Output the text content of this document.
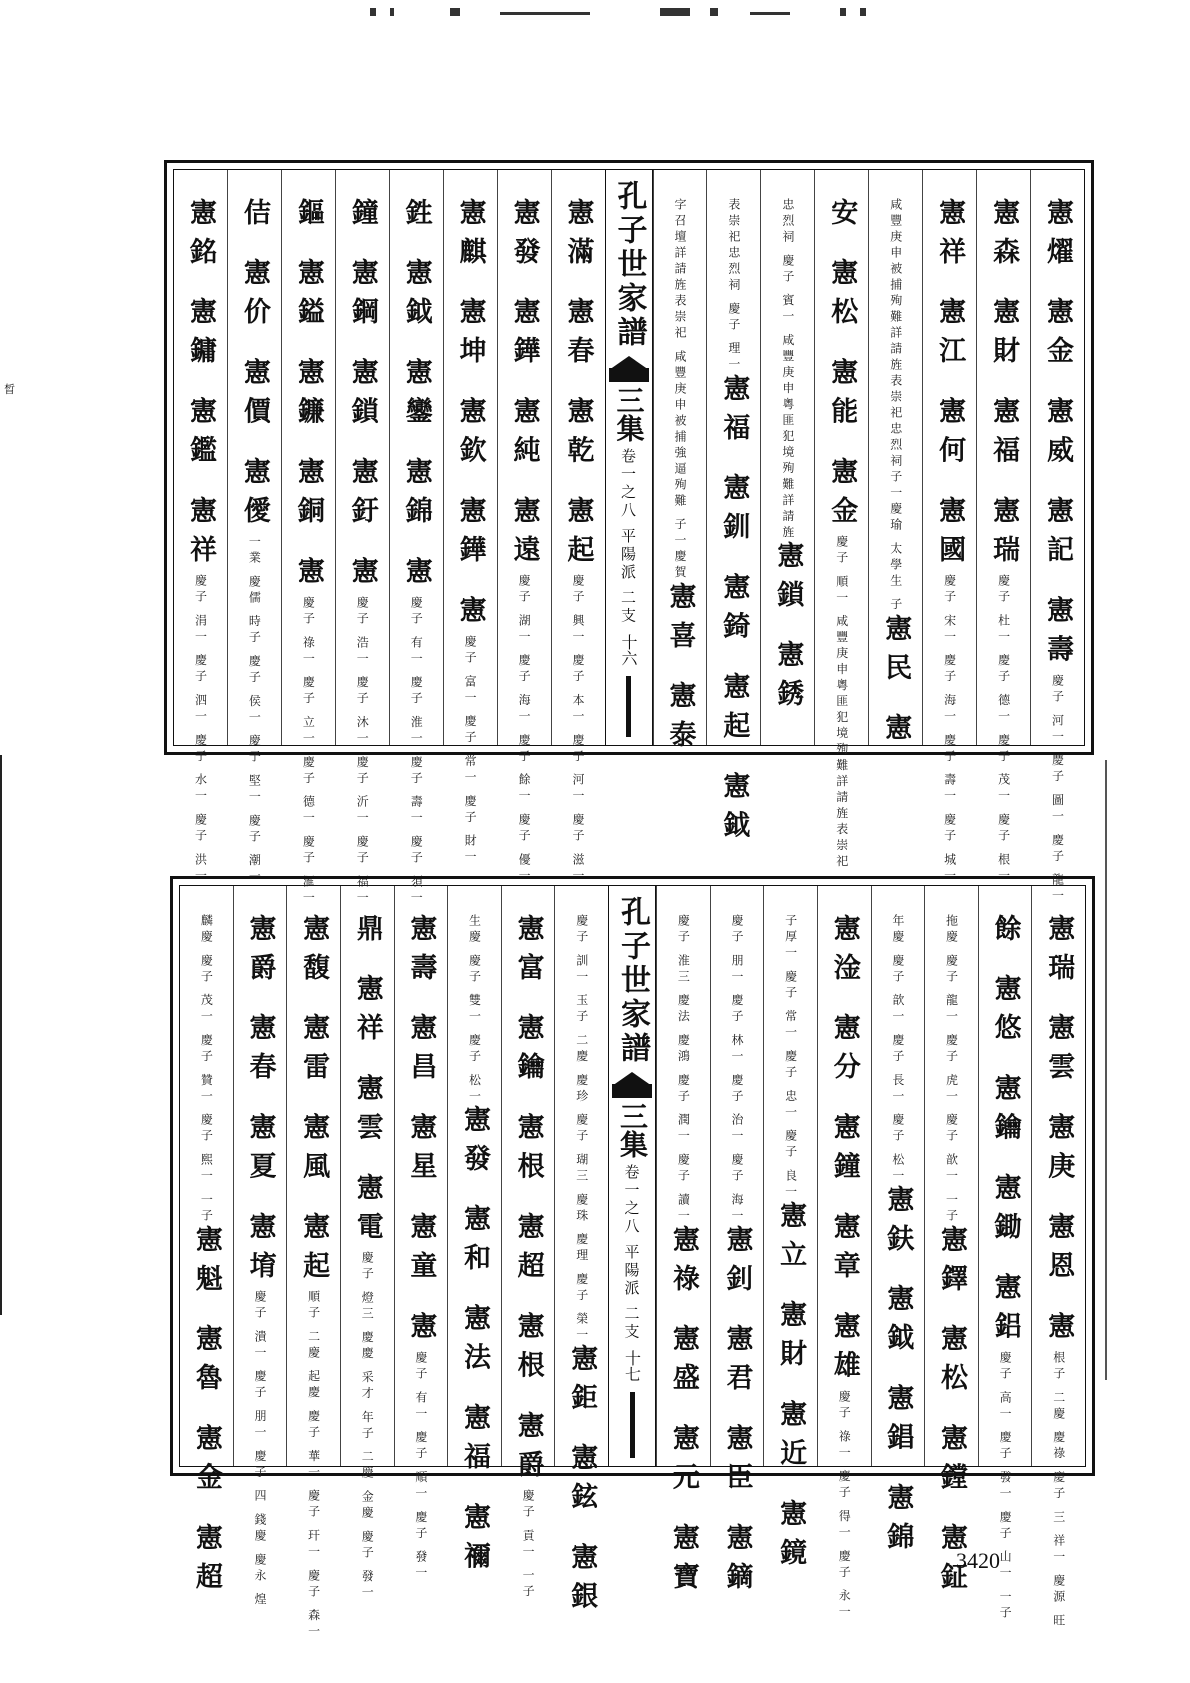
晳	憲燿 憲金 憲威 憲記 憲壽
慶子 河一 慶子 圖一 慶子 龍一
憲森 憲財 憲福 憲瑞
慶子 杜一 慶子 德一 慶子 茂一 慶子 根一
憲祥 憲江 憲何 憲國
慶子 宋一 慶子 海一 慶子 壽一 慶子 城一
咸豐庚申被捕殉難詳請旌表崇祀忠烈祠子一慶瑜 太學生 子
憲民 憲
安 憲松 憲能 憲金
慶子 順一 咸豐庚申粵匪犯境殉難詳請旌表崇祀
忠烈祠 慶子 賓一 咸豐庚申粵匪犯境殉難詳請旌
憲鎖 憲銹
表崇祀忠烈祠 慶子 理一
憲福 憲釧 憲錡 憲起 憲鉞
字召壇詳請旌表崇祀 咸豐庚申被捕強逼殉難 子一慶賀
憲喜 憲泰
孔子世家譜
三集
卷一之八 平陽派 二支
十六
憲滿 憲春 憲乾 憲起
慶子 興一 慶子 本一 慶子 河一 慶子 滋一
憲發 憲鏵 憲純 憲遠
慶子 湖一 慶子 海一 慶子 餘一 慶子 優一
憲麒 憲坤 憲欽 憲鏵 憲
慶子 富一 慶子 常一 慶子 財一
鉎 憲鉞 憲鑾 憲錦 憲
慶子 有一 慶子 淮一 慶子 壽一 慶子 須一
鐘 憲鋼 憲鎖 憲釪 憲
慶子 浩一 慶子 沐一 慶子 沂一 慶子 福一
鏂 憲鎰 憲鐮 憲銅 憲
慶子 祿一 慶子 立一 慶子 德一 慶子 滙一
佶 憲价 憲價 憲僾
一業 慶儒 時子 慶子 侯一 慶子 堅一 慶子 潮一
憲銘 憲鏞 憲鑑 憲祥
慶子 涓一 慶子 泗一 慶子 水一 慶子 洪一
憲瑞 憲雲 憲庚 憲恩 憲
根子 二慶 慶祿 慶子 三 祥一 慶源 旺
餘 憲悠 憲鑰 憲鋤 憲鋁
慶子 高一 慶子 發一 慶子 山一 一子
拖慶 慶子 龍一 慶子 虎一 慶子 歆一 一子
憲鐸 憲松 憲鏜 憲鉦
年慶 慶子 歆一 慶子 長一 慶子 松一
憲鈇 憲鉞 憲錩 憲錦
憲淦 憲分 憲鐘 憲章 憲雄
慶子 祿一 慶子 得一 慶子 永一
子厚一 慶子 常一 慶子 忠一 慶子 良一
憲立 憲財 憲近 憲鏡
慶子 朋一 慶子 林一 慶子 治一 慶子 海一
憲釗 憲君 憲臣 憲鏑
慶子 淮三 慶法 慶鴻 慶子 潤一 慶子 讀一
憲祿 憲盛 憲元 憲寶
孔子世家譜
三集
卷一之八 平陽派 二支
十七
慶子 訓一 玉子 二慶 慶珍 慶子 瑚三 慶珠 慶理 慶子 榮一
憲鉅 憲鉉 憲銀
憲富 憲鑰 憲根 憲超 憲根 憲爵
慶子 貢一 一子
生慶 慶子 雙一 慶子 松一
憲發 憲和 憲法 憲福 憲禰
憲壽 憲昌 憲星 憲童 憲
慶子 有一 慶子 順一 慶子 發一
鼎 憲祥 憲雲 憲電
慶子 燈三 慶慶 采才 年子 二慶 金慶 慶子 發一
憲馥 憲雷 憲風 憲起
順子 二慶 起慶 慶子 華一 慶子 玕一 慶子 森一
憲爵 憲春 憲夏 憲堉
慶子 潰一 慶子 朋一 慶子 四 錢慶 慶永 煌
麟慶 慶子 茂一 慶子 贊一 慶子 熙一 一子
憲魁 憲魯 憲金 憲超	3420
